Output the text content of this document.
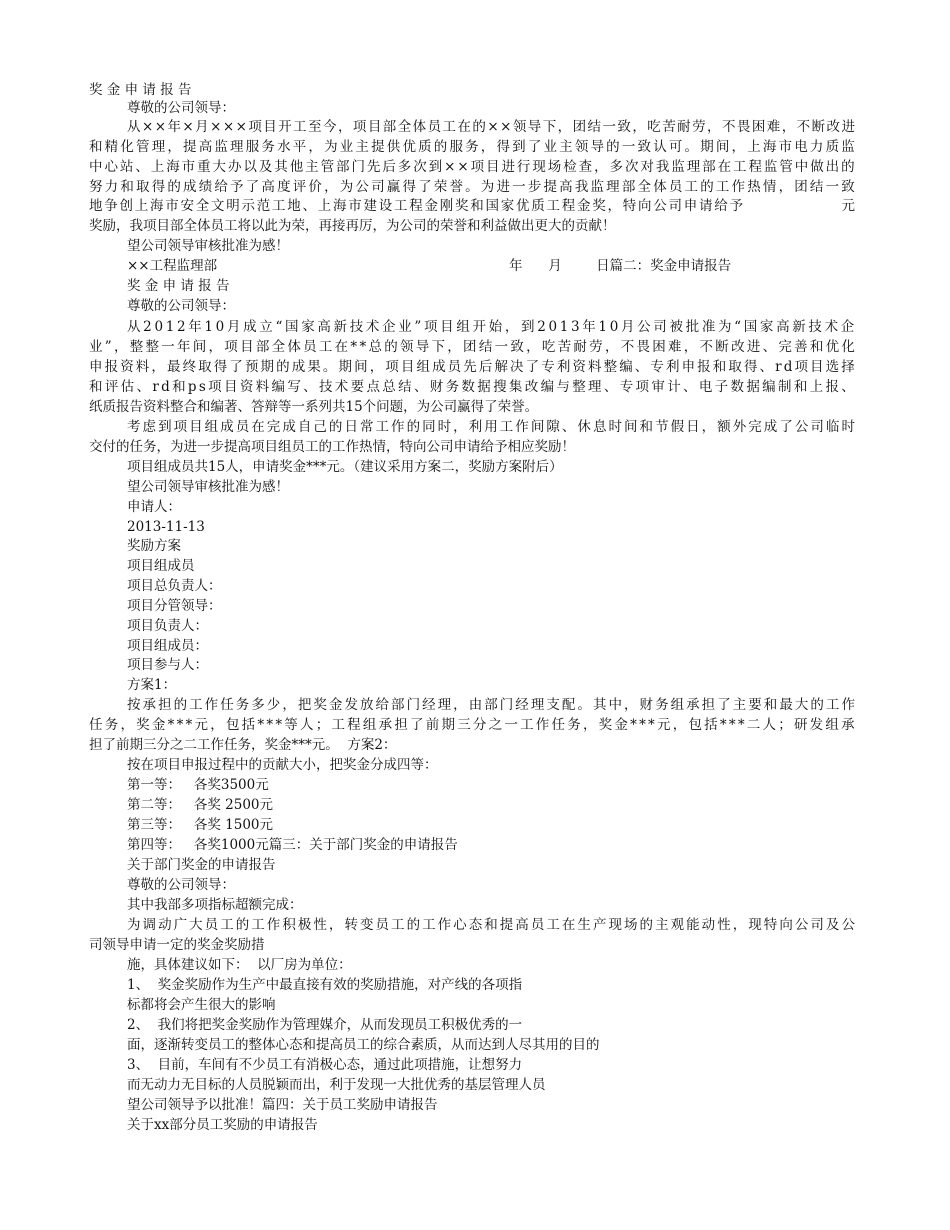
奖 金 申 请 报 告
尊敬的公司领导：
从 × × 年 × 月 × × × 项 目 开 工 至 今 ， 项 目 部 全 体 员 工 在 的 × × 领 导 下 ， 团 结 一 致 ， 吃 苦 耐 劳 ， 不 畏 困 难 ， 不 断 改 进
和 精 化 管 理 ， 提 高 监 理 服 务 水 平 ， 为 业 主 提 供 优 质 的 服 务 ， 得 到 了 业 主 领 导 的 一 致 认 可 。 期 间 ， 上 海 市 电 力 质 监
中 心 站 、 上 海 市 重 大 办 以 及 其 他 主 管 部 门 先 后 多 次 到 × × 项 目 进 行 现 场 检 查 ， 多 次 对 我 监 理 部 在 工 程 监 管 中 做 出 的
努 力 和 取 得 的 成 绩 给 予 了 高 度 评 价 ， 为 公 司 赢 得 了 荣 誉 。 为 进 一 步 提 高 我 监 理 部 全 体 员 工 的 工 作 热 情 ， 团 结 一 致
地 争 创 上 海 市 安 全 文 明 示 范 工 地 、 上 海 市 建 设 工 程 金 刚 奖 和 国 家 优 质 工 程 金 奖 ， 特 向 公 司 申 请 给 予

	元
奖励，我项目部全体员工将以此为荣，再接再厉，为公司的荣誉和利益做出更大的贡献！
望公司领导审核批准为感！
××工程监理部	年      月        日篇二：奖金申请报告
奖 金 申 请 报 告
尊敬的公司领导：
从 2 0 1 2 年 1 0 月 成 立 “ 国 家 高 新 技 术 企 业 ” 项 目 组 开 始 ， 到 2 0 1 3 年 1 0 月 公 司 被 批 准 为 “ 国 家 高 新 技 术 企
业 ” ， 整 整 一 年 间 ， 项 目 部 全 体 员 工 在 * * 总 的 领 导 下 ， 团 结 一 致 ， 吃 苦 耐 劳 ， 不 畏 困 难 ， 不 断 改 进 、 完 善 和 优 化
申 报 资 料 ， 最 终 取 得 了 预 期 的 成 果 。 期 间 ， 项 目 组 成 员 先 后 解 决 了 专 利 资 料 整 编 、 专 利 申 报 和 取 得 、 r d 项 目 选 择
和 评 估 、 r d 和 p s 项 目 资 料 编 写 、 技 术 要 点 总 结 、 财 务 数 据 搜 集 改 编 与 整 理 、 专 项 审 计 、 电 子 数 据 编 制 和 上 报 、
纸质报告资料整合和编著、答辩等一系列共15个问题，为公司赢得了荣誉。
考 虑 到 项 目 组 成 员 在 完 成 自 己 的 日 常 工 作 的 同 时 ， 利 用 工 作 间 隙 、 休 息 时 间 和 节 假 日 ， 额 外 完 成 了 公 司 临 时
交付的任务，为进一步提高项目组员工的工作热情，特向公司申请给予相应奖励！
项目组成员共15人，申请奖金***元。（建议采用方案二，奖励方案附后）
望公司领导审核批准为感！
申请人：
2013-11-13
奖励方案
项目组成员
项目总负责人：
项目分管领导：
项目负责人：
项目组成员：
项目参与人：
方案1：
按 承 担 的 工 作 任 务 多 少 ， 把 奖 金 发 放 给 部 门 经 理 ， 由 部 门 经 理 支 配 。 其 中 ， 财 务 组 承 担 了 主 要 和 最 大 的 工 作
任 务 ， 奖 金 * * * 元 ， 包 括 * * * 等 人 ； 工 程 组 承 担 了 前 期 三 分 之 一 工 作 任 务 ， 奖 金 * * * 元 ， 包 括 * * * 二 人 ； 研 发 组 承
担了前期三分之二工作任务，奖金***元。  方案2：
按在项目申报过程中的贡献大小，把奖金分成四等：
第一等：   各奖3500元
第二等：   各奖 2500元
第三等：   各奖 1500元
第四等：   各奖1000元篇三：关于部门奖金的申请报告
关于部门奖金的申请报告
尊敬的公司领导：
其中我部多项指标超额完成：
为 调 动 广 大 员 工 的 工 作 积 极 性 ， 转 变 员 工 的 工 作 心 态 和 提 高 员 工 在 生 产 现 场 的 主 观 能 动 性 ， 现 特 向 公 司 及 公
司领导申请一定的奖金奖励措
施，具体建议如下：  以厂房为单位：
1、  奖金奖励作为生产中最直接有效的奖励措施，对产线的各项指
标都将会产生很大的影响
2、  我们将把奖金奖励作为管理媒介，从而发现员工积极优秀的一
面，逐渐转变员工的整体心态和提高员工的综合素质，从而达到人尽其用的目的
3、  目前，车间有不少员工有消极心态，通过此项措施，让想努力
而无动力无目标的人员脱颖而出，利于发现一大批优秀的基层管理人员
望公司领导予以批准！篇四：关于员工奖励申请报告
关于xx部分员工奖励的申请报告
